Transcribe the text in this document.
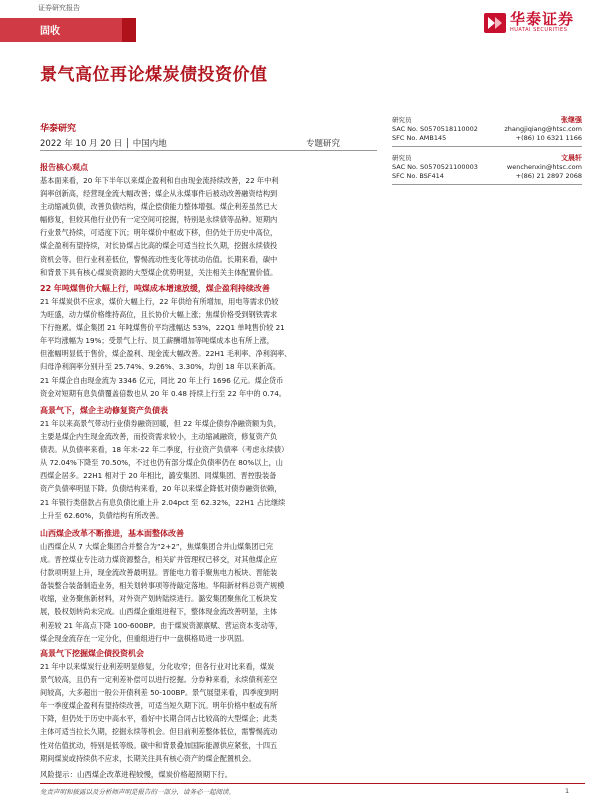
证券研究报告
华泰证券
HUATAI SECURITIES
固收
景气高位再论煤炭债投资价值
华泰研究
2022 年 10 月 20 日 │ 中国内地	专题研究
研究员	张继强
SAC No. S0570518110002	zhangjiqiang@htsc.com
SFC No. AMB145	+(86) 10 6321 1166
研究员	文晨轩
SAC No. S0570521100003	wenchenxin@htsc.com
SFC No. BSF414	+(86) 21 2897 2068
报告核心观点
基本面来看，20 年下半年以来煤企盈利和自由现金流持续改善，22 年中利
润率创新高，经营现金流大幅改善；煤企从永煤事件后被动改善融资结构到
主动缩减负债，改善负债结构，煤企偿债能力整体增强。煤企利差虽然已大
幅修复，但较其他行业仍有一定空间可挖掘，特别是永续债等品种。短期内
行业景气持续，可适度下沉；明年煤价中枢或下移，但仍处于历史中高位，
煤企盈利有望持续，对长协煤占比高的煤企可适当拉长久期，挖掘永续债投
资机会等。但行业利差低位，警惕流动性变化等扰动估值。长期来看，碳中
和背景下具有核心煤炭资源的大型煤企优势明显，关注相关主体配置价值。
22 年吨煤售价大幅上行，吨煤成本增速放缓，煤企盈利持续改善
21 年煤炭供不应求，煤价大幅上行，22 年供给有所增加，用电等需求仍较
为旺盛，动力煤价格维持高位，且长协价大幅上涨；焦煤价格受到钢铁需求
下行拖累。煤企集团 21 年吨煤售价平均涨幅达 53%，22Q1 单吨售价较 21
年平均涨幅为 19%；受景气上行、员工薪酬增加等吨煤成本也有所上涨，
但涨幅明显低于售价，煤企盈利、现金流大幅改善。22H1 毛利率、净利润率、
归母净利润率分别升至 25.74%、9.26%、3.30%，均创 18 年以来新高。
21 年煤企自由现金流为 3346 亿元，同比 20 年上行 1696 亿元。煤企货币
资金对短期有息负债覆盖倍数也从 20 年 0.48 持续上行至 22 年中的 0.74。
高景气下，煤企主动修复资产负债表
21 年以来高景气带动行业债券融资回暖，但 22 年煤企债券净融资额为负，
主要是煤企内生现金流改善，而投资需求较小，主动缩减融资，修复资产负
债表。从负债率来看，18 年末-22 年二季度，行业资产负债率（考虑永续债）
从 72.04%下降至 70.50%，不过也仍有部分煤企负债率仍在 80%以上，山
西煤企居多。22H1 相对于 20 年相比，潞安集团、同煤集团、晋控股装备
资产负债率明显下降。负债结构来看，20 年以来煤企降低对债券融资依赖，
21 年银行类借款占有息负债比重上升 2.04pct 至 62.32%，22H1 占比继续
上升至 62.60%，负债结构有所改善。
山西煤企改革不断推进，基本面整体改善
山西煤企从 7 大煤企集团合并整合为“2+2”，焦煤集团合并山煤集团已完
成。晋控煤业专注动力煤资源整合，相关矿井管理权已移交，对其他煤企应
付款项明显上升，现金流改善最明显。晋能电力着手聚焦电力板块、晋能装
备装整合装备制造业务，相关划转事项等待敲定落地。华阳新材料总资产规模
收缩，业务聚焦新材料，对外资产划转陆续进行。潞安集团聚焦化工板块发
展，股权划转尚未完成。山西煤企重组进程下，整体现金流改善明显，主体
利差较 21 年高点下降 100-600BP。由于煤炭资源禀赋、营运资本变动等，
煤企现金流存在一定分化，但重组进行中一盘棋格局进一步巩固。
高景气下挖掘煤企债投资机会
21 年中以来煤炭行业利差明显修复，分化收窄；但各行业对比来看，煤炭
景气较高，且仍有一定利差补偿可以进行挖掘。分券种来看，永续债利差空
间较高，大多超出一般公开债利差 50-100BP。景气展望来看，四季度到明
年一季度煤企盈利有望持续改善，可适当短久期下沉。明年价格中枢或有所
下降，但仍处于历史中高水平，看好中长期合同占比较高的大型煤企；此类
主体可适当拉长久期，挖掘永续等机会。但目前利差整体低位，需警惕流动
性对估值扰动，特别是低等级。碳中和背景叠加国际能源供应紧张，十四五
期间煤炭或持续供不应求，长期关注具有核心资产的煤企配置机会。
风险提示：山西煤企改革进程较慢，煤炭价格超预期下行。
免责声明和披露以及分析师声明是报告的一部分，请务必一起阅读。	1
